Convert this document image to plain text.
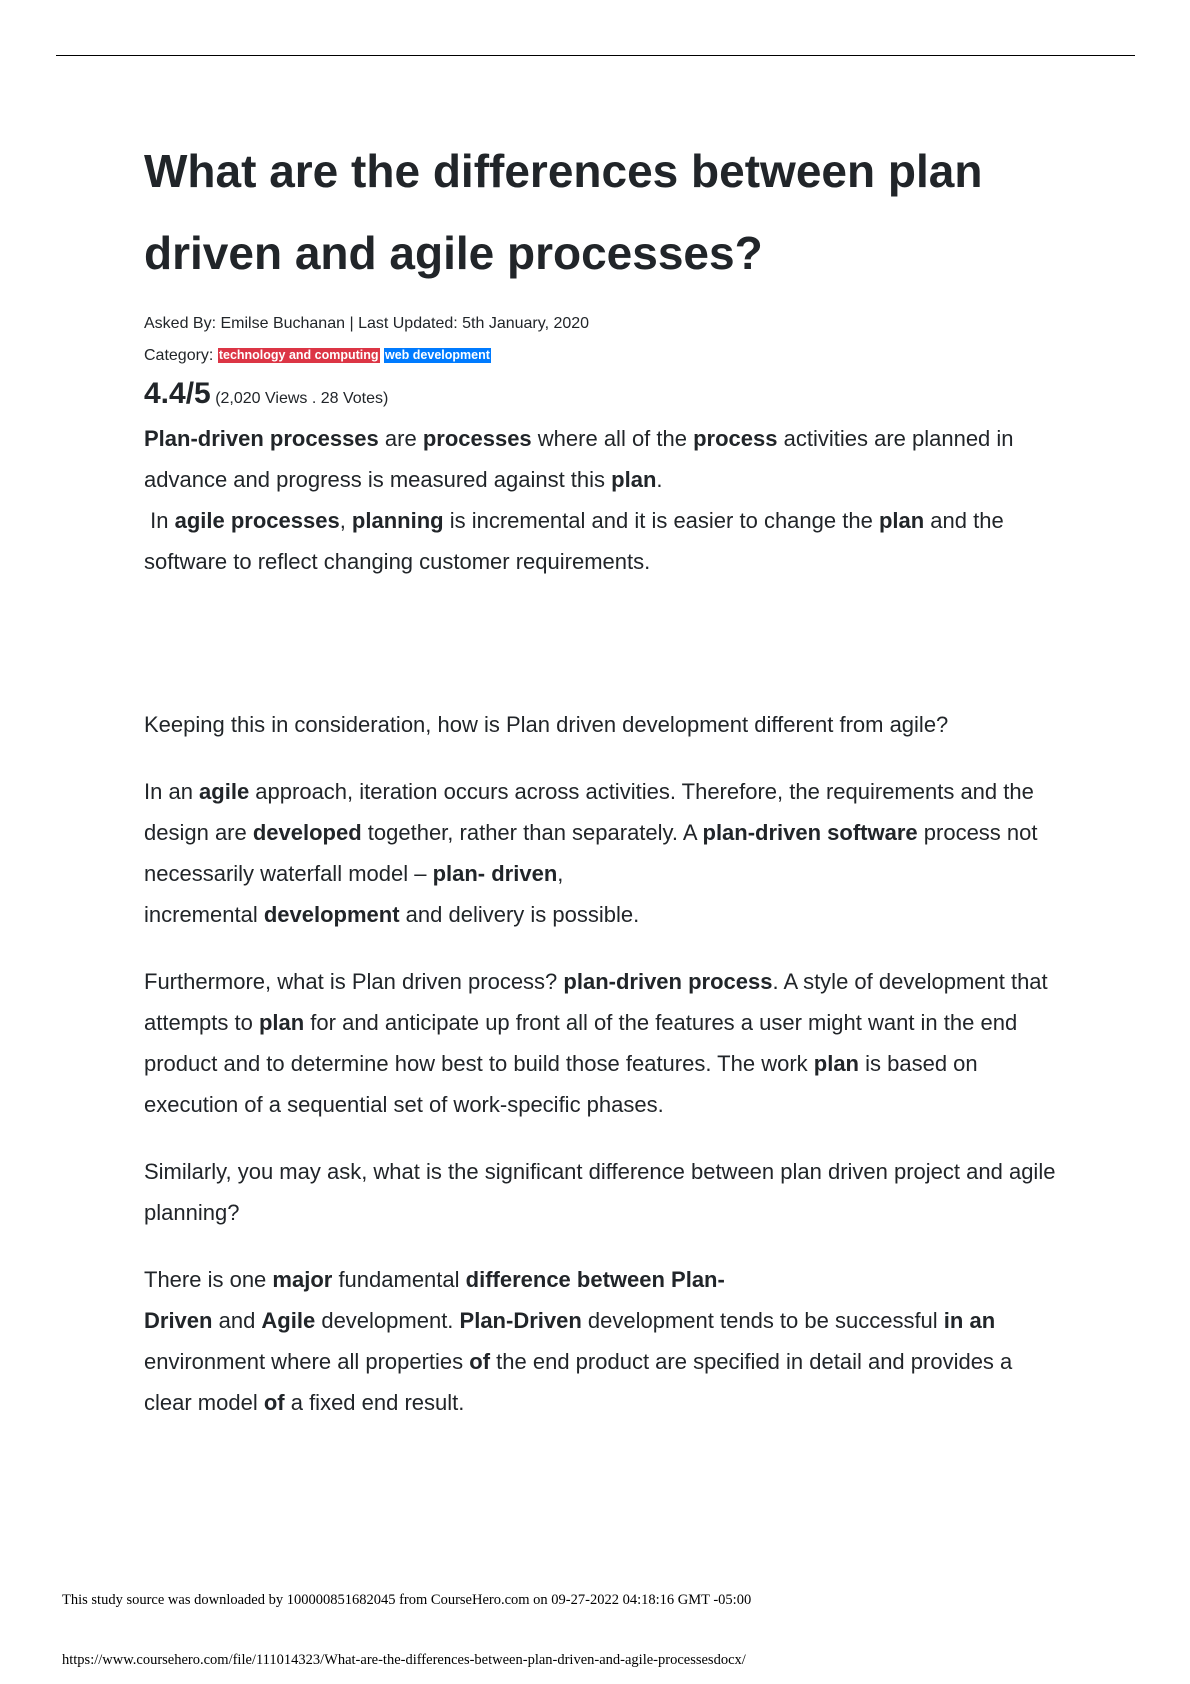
What are the differences between plan driven and agile processes?
Asked By: Emilse Buchanan | Last Updated: 5th January, 2020
Category: technology and computing web development
4.4/5 (2,020 Views . 28 Votes)

Plan-driven processes are processes where all of the process activities are planned in advance and progress is measured against this plan.

In agile processes, planning is incremental and it is easier to change the plan and the software to reflect changing customer requirements.

Keeping this in consideration, how is Plan driven development different from agile?

In an agile approach, iteration occurs across activities. Therefore, the requirements and the design are developed together, rather than separately. A plan-driven software process not necessarily waterfall model – plan- driven,
incremental development and delivery is possible.

Furthermore, what is Plan driven process? plan-driven process. A style of development that attempts to plan for and anticipate up front all of the features a user might want in the end product and to determine how best to build those features. The work plan is based on execution of a sequential set of work-specific phases.

Similarly, you may ask, what is the significant difference between plan driven project and agile planning?

There is one major fundamental difference between Plan-
Driven and Agile development. Plan-Driven development tends to be successful in an environment where all properties of the end product are specified in detail and provides a clear model of a fixed end result.

This study source was downloaded by 100000851682045 from CourseHero.com on 09-27-2022 04:18:16 GMT -05:00
https://www.coursehero.com/file/111014323/What-are-the-differences-between-plan-driven-and-agile-processesdocx/
